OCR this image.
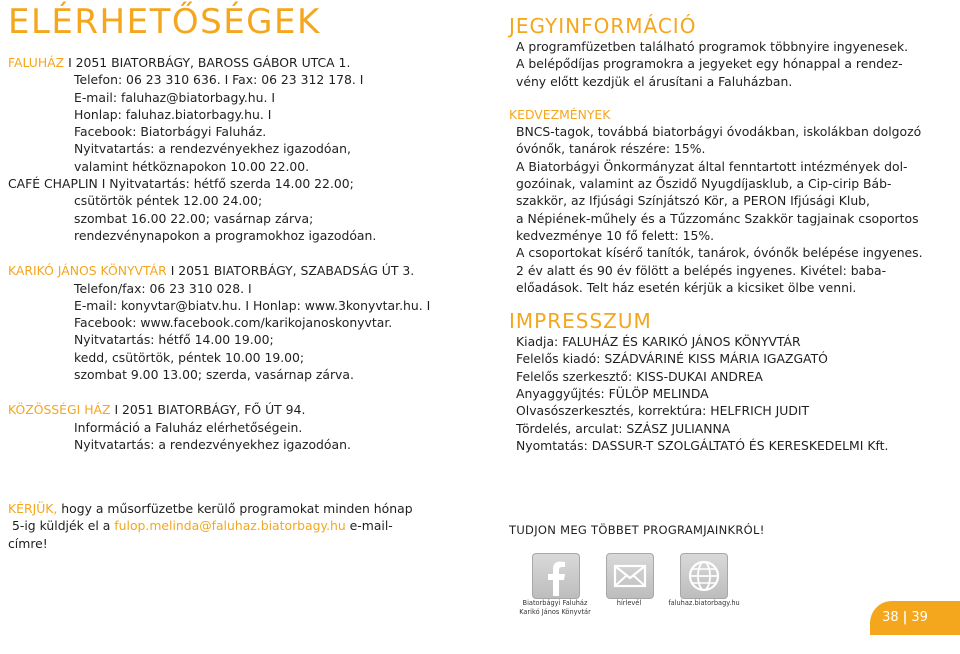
ELÉRHETŐSÉGEK
FALUHÁZ I 2051 BIATORBÁGY, BAROSS GÁBOR UTCA 1.
Telefon: 06 23 310 636. I Fax: 06 23 312 178. I
E-mail: faluhaz@biatorbagy.hu. I
Honlap: faluhaz.biatorbagy.hu. I
Facebook: Biatorbágyi Faluház.
Nyitvatartás: a rendezvényekhez igazodóan,
valamint hétköznapokon 10.00 22.00.
CAFÉ CHAPLIN I Nyitvatartás: hétfő szerda 14.00 22.00;
csütörtök péntek 12.00 24.00;
szombat 16.00 22.00; vasárnap zárva;
rendezvénynapokon a programokhoz igazodóan.
KARIKÓ JÁNOS KÖNYVTÁR I 2051 BIATORBÁGY, SZABADSÁG ÚT 3.
Telefon/fax: 06 23 310 028. I
E-mail: konyvtar@biatv.hu. I Honlap: www.3konyvtar.hu. I
Facebook: www.facebook.com/karikojanoskonyvtar.
Nyitvatartás: hétfő 14.00 19.00;
kedd, csütörtök, péntek 10.00 19.00;
szombat 9.00 13.00; szerda, vasárnap zárva.
KÖZÖSSÉGI HÁZ I 2051 BIATORBÁGY, FŐ ÚT 94.
Információ a Faluház elérhetőségein.
Nyitvatartás: a rendezvényekhez igazodóan.
KÉRJÜK, hogy a műsorfüzetbe kerülő programokat minden hónap
5-ig küldjék el a fulop.melinda@faluhaz.biatorbagy.hu e-mail-
címre!
JEGYINFORMÁCIÓ
A programfüzetben található programok többnyire ingyenesek.
A belépődíjas programokra a jegyeket egy hónappal a rendez-
vény előtt kezdjük el árusítani a Faluházban.
KEDVEZMÉNYEK
BNCS-tagok, továbbá biatorbágyi óvodákban, iskolákban dolgozó
óvónők, tanárok részére: 15%.
A Biatorbágyi Önkormányzat által fenntartott intézmények dol-
gozóinak, valamint az Őszidő Nyugdíjasklub, a Cip-cirip Báb-
szakkör, az Ifjúsági Színjátszó Kör, a PERON Ifjúsági Klub,
a Népiének-műhely és a Tűzzománc Szakkör tagjainak csoportos
kedvezménye 10 fő felett: 15%.
A csoportokat kísérő tanítók, tanárok, óvónők belépése ingyenes.
2 év alatt és 90 év fölött a belépés ingyenes. Kivétel: baba-
előadások. Telt ház esetén kérjük a kicsiket ölbe venni.
IMPRESSZUM
Kiadja: FALUHÁZ ÉS KARIKÓ JÁNOS KÖNYVTÁR
Felelős kiadó: SZÁDVÁRINÉ KISS MÁRIA IGAZGATÓ
Felelős szerkesztő: KISS-DUKAI ANDREA
Anyaggyűjtés: FÜLÖP MELINDA
Olvasószerkesztés, korrektúra: HELFRICH JUDIT
Tördelés, arculat: SZÁSZ JULIANNA
Nyomtatás: DASSUR-T SZOLGÁLTATÓ ÉS KERESKEDELMI Kft.
TUDJON MEG TÖBBET PROGRAMJAINKRÓL!
Biatorbágyi Faluház
Karikó János Könyvtár
hírlevél	faluhaz.biatorbagy.hu
38 | 39
